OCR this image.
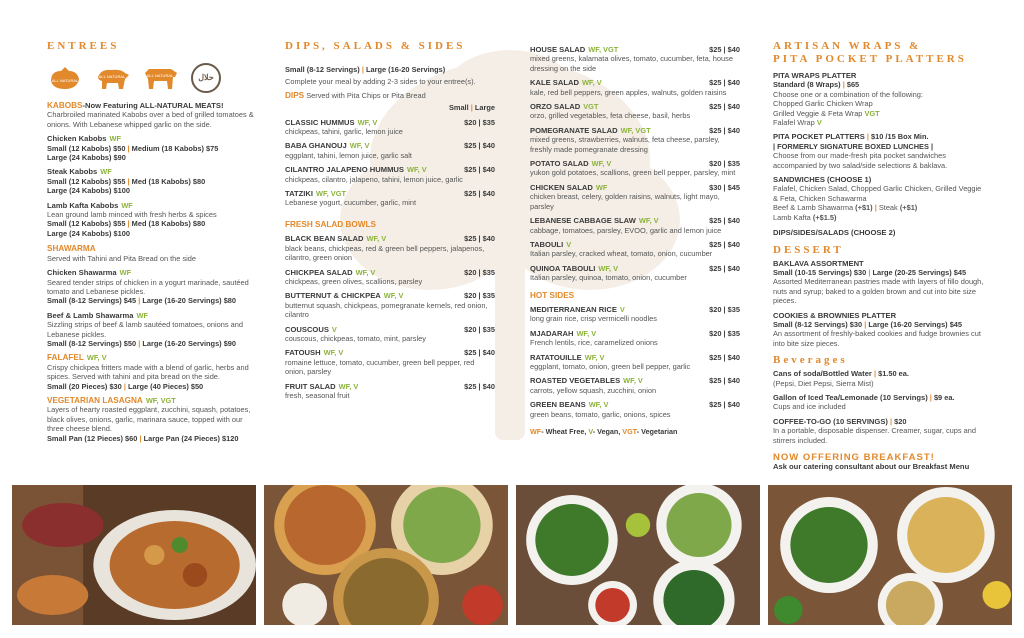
ENTREES
ALL NATURAL
ALL NATURAL	ALL NATURAL	حلال
KABOBS-Now Featuring ALL-NATURAL MEATS!
Charbroiled marinated Kabobs over a bed of grilled tomatoes & onions. With Lebanese whipped garlic on the side.
Chicken Kabobs WF
Small (12 Kabobs) $50 | Medium (18 Kabobs) $75
Large (24 Kabobs) $90
Steak Kabobs WF
Small (12 Kabobs) $55 | Med (18 Kabobs) $80
Large (24 Kabobs) $100
Lamb Kafta Kabobs WF
Lean ground lamb minced with fresh herbs & spices
Small (12 Kabobs) $55 | Med (18 Kabobs) $80
Large (24 Kabobs) $100
SHAWARMA
Served with Tahini and Pita Bread on the side
Chicken Shawarma WF
Seared tender strips of chicken in a yogurt marinade, sautéed tomato and Lebanese pickles.
Small (8-12 Servings) $45 | Large (16-20 Servings) $80
Beef & Lamb Shawarma WF
Sizzling strips of beef & lamb sautéed tomatoes, onions and Lebanese pickles.
Small (8-12 Servings) $50 | Large (16-20 Servings) $90
FALAFEL WF, V
Crispy chickpea fritters made with a blend of garlic, herbs and spices. Served with tahini and pita bread on the side.
Small (20 Pieces) $30 | Large (40 Pieces) $50
VEGETARIAN LASAGNA WF, VGT
Layers of hearty roasted eggplant, zucchini, squash, potatoes, black olives, onions, garlic, marinara sauce, topped with our three cheese blend.
Small Pan (12 Pieces) $60 | Large Pan (24 Pieces) $120
DIPS, SALADS & SIDES
Small (8-12 Servings) | Large (16-20 Servings)
Complete your meal by adding 2-3 sides to your entree(s).
DIPS Served with Pita Chips or Pita Bread
Small | Large
CLASSIC HUMMUS WF, V	$20 | $35
chickpeas, tahini, garlic, lemon juice
BABA GHANOUJ WF, V	$25 | $40
eggplant, tahini, lemon juice, garlic salt
CILANTRO JALAPENO HUMMUS WF, V	$25 | $40
chickpeas, cilantro, jalapeno, tahini, lemon juice, garlic
TATZIKI WF, VGT	$25 | $40
Lebanese yogurt, cucumber, garlic, mint
FRESH SALAD BOWLS
BLACK BEAN SALAD WF, V	$25 | $40
black beans, chickpeas, red & green bell peppers, jalapenos, cilantro, green onion
CHICKPEA SALAD WF, V	$20 | $35
chickpeas, green olives, scallions, parsley
BUTTERNUT & CHICKPEA WF, V	$20 | $35
butternut squash, chickpeas, pomegranate kernels, red onion, cilantro
COUSCOUS V	$20 | $35
couscous, chickpeas, tomato, mint, parsley
FATOUSH WF, V	$25 | $40
romaine lettuce, tomato, cucumber, green bell pepper, red onion, parsley
FRUIT SALAD WF, V	$25 | $40
fresh, seasonal fruit
HOUSE SALAD WF, VGT	$25 | $40
mixed greens, kalamata olives, tomato, cucumber, feta, house dressing on the side
KALE SALAD WF, V	$25 | $40
kale, red bell peppers, green apples, walnuts, golden raisins
ORZO SALAD VGT	$25 | $40
orzo, grilled vegetables, feta cheese, basil, herbs
POMEGRANATE SALAD WF, VGT	$25 | $40
mixed greens, strawberries, walnuts, feta cheese, parsley, freshly made pomegranate dressing
POTATO SALAD WF, V	$20 | $35
yukon gold potatoes, scallions, green bell pepper, parsley, mint
CHICKEN SALAD WF	$30 | $45
chicken breast, celery, golden raisins, walnuts, light mayo, parsley
LEBANESE CABBAGE SLAW WF, V	$25 | $40
cabbage, tomatoes, parsley, EVOO, garlic and lemon juice
TABOULI V	$25 | $40
Italian parsley, cracked wheat, tomato, onion, cucumber
QUINOA TABOULI WF, V	$25 | $40
Italian parsley, quinoa, tomato, onion, cucumber
HOT SIDES
MEDITERRANEAN RICE V	$20 | $35
long grain rice, crisp vermicelli noodles
MJADARAH WF, V	$20 | $35
French lentils, rice, caramelized onions
RATATOUILLE WF, V	$25 | $40
eggplant, tomato, onion, green bell pepper, garlic
ROASTED VEGETABLES WF, V	$25 | $40
carrots, yellow squash, zucchini, onion
GREEN BEANS WF, V	$25 | $40
green beans, tomato, garlic, onions, spices
WF- Wheat Free, V- Vegan, VGT- Vegetarian
ARTISAN WRAPS &
PITA POCKET PLATTERS
PITA WRAPS PLATTER
Standard (8 Wraps) | $65
Choose one or a combination of the following:
Chopped Garlic Chicken Wrap
Grilled Veggie & Feta Wrap VGT
Falafel Wrap V
PITA POCKET PLATTERS | $10 /15 Box Min.
| FORMERLY SIGNATURE BOXED LUNCHES |
Choose from our made-fresh pita pocket sandwiches accompanied by two salad/side selections & baklava.
SANDWICHES (CHOOSE 1)
Falafel, Chicken Salad, Chopped Garlic Chicken, Grilled Veggie & Feta, Chicken Schawarma
Beef & Lamb Shawarma (+$1) | Steak (+$1)
Lamb Kafta (+$1.5)
DIPS/SIDES/SALADS (CHOOSE 2)
DESSERT
BAKLAVA ASSORTMENT
Small (10-15 Servings) $30 | Large (20-25 Servings) $45
Assorted Mediterranean pastries made with layers of fillo dough, nuts and syrup; baked to a golden brown and cut into bite size pieces.
COOKIES & BROWNIES PLATTER
Small (8-12 Servings) $30 | Large (16-20 Servings) $45
An assortment of freshly-baked cookies and fudge brownies cut into bite size pieces.
Beverages
Cans of soda/Bottled Water | $1.50 ea.
(Pepsi, Diet Pepsi, Sierra Mist)
Gallon of Iced Tea/Lemonade (10 Servings) | $9 ea.
Cups and ice included
COFFEE-TO-GO (10 SERVINGS) | $20
In a portable, disposable dispenser. Creamer, sugar, cups and stirrers included.
NOW OFFERING BREAKFAST!
Ask our catering consultant about our Breakfast Menu
